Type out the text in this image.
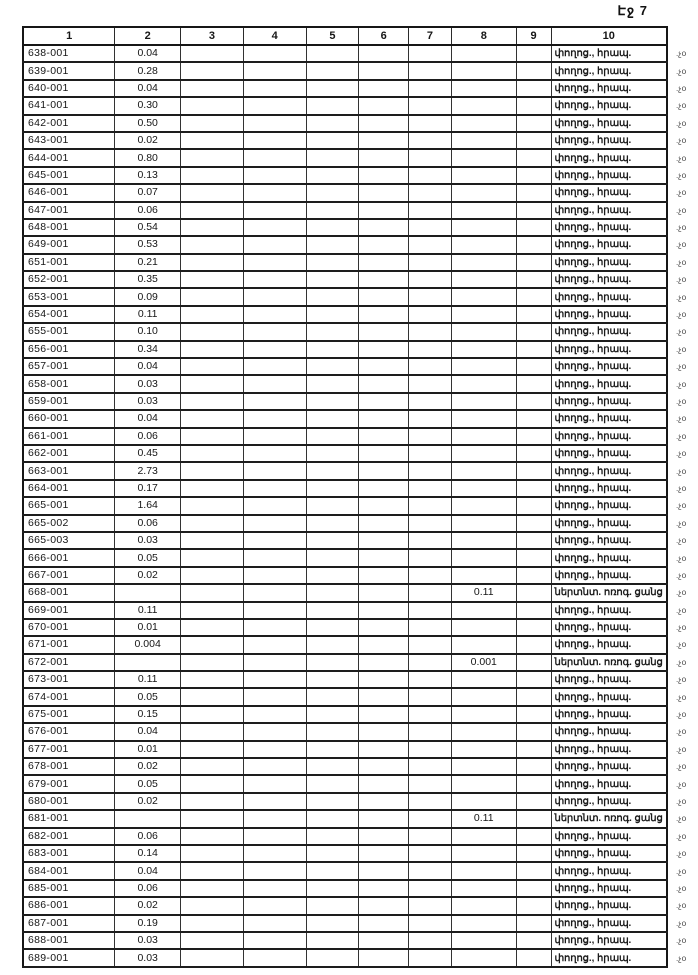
Էջ 7
1	2	3	4	5	6	7	8	9	10	
638-001	0.04								փողոց., հրապ.	.չօ
639-001	0.28								փողոց., հրապ.	.չօ
640-001	0.04								փողոց., հրապ.	.չօ
641-001	0.30								փողոց., հրապ.	.չօ
642-001	0.50								փողոց., հրապ.	.չօ
643-001	0.02								փողոց., հրապ.	.չօ
644-001	0.80								փողոց., հրապ.	.չօ
645-001	0.13								փողոց., հրապ.	.չօ
646-001	0.07								փողոց., հրապ.	.չօ
647-001	0.06								փողոց., հրապ.	.չօ
648-001	0.54								փողոց., հրապ.	.չօ
649-001	0.53								փողոց., հրապ.	.չօ
651-001	0.21								փողոց., հրապ.	.չօ
652-001	0.35								փողոց., հրապ.	.չօ
653-001	0.09								փողոց., հրապ.	.չօ
654-001	0.11								փողոց., հրապ.	.չօ
655-001	0.10								փողոց., հրապ.	.չօ
656-001	0.34								փողոց., հրապ.	.չօ
657-001	0.04								փողոց., հրապ.	.չօ
658-001	0.03								փողոց., հրապ.	.չօ
659-001	0.03								փողոց., հրապ.	.չօ
660-001	0.04								փողոց., հրապ.	.չօ
661-001	0.06								փողոց., հրապ.	.չօ
662-001	0.45								փողոց., հրապ.	.չօ
663-001	2.73								փողոց., հրապ.	.չօ
664-001	0.17								փողոց., հրապ.	.չօ
665-001	1.64								փողոց., հրապ.	.չօ
665-002	0.06								փողոց., հրապ.	.չօ
665-003	0.03								փողոց., հրապ.	.չօ
666-001	0.05								փողոց., հրապ.	.չօ
667-001	0.02								փողոց., հրապ.	.չօ
668-001							0.11		ներտնտ. ոռոգ. ցանց	.չօ
669-001	0.11								փողոց., հրապ.	.չօ
670-001	0.01								փողոց., հրապ.	.չօ
671-001	0.004								փողոց., հրապ.	.չօ
672-001							0.001		ներտնտ. ոռոգ. ցանց	.չօ
673-001	0.11								փողոց., հրապ.	.չօ
674-001	0.05								փողոց., հրապ.	.չօ
675-001	0.15								փողոց., հրապ.	.չօ
676-001	0.04								փողոց., հրապ.	.չօ
677-001	0.01								փողոց., հրապ.	.չօ
678-001	0.02								փողոց., հրապ.	.չօ
679-001	0.05								փողոց., հրապ.	.չօ
680-001	0.02								փողոց., հրապ.	.չօ
681-001							0.11		ներտնտ. ոռոգ. ցանց	.չօ
682-001	0.06								փողոց., հրապ.	.չօ
683-001	0.14								փողոց., հրապ.	.չօ
684-001	0.04								փողոց., հրապ.	.չօ
685-001	0.06								փողոց., հրապ.	.չօ
686-001	0.02								փողոց., հրապ.	.չօ
687-001	0.19								փողոց., հրապ.	.չօ
688-001	0.03								փողոց., հրապ.	.չօ
689-001	0.03								փողոց., հրապ.	.չօ
